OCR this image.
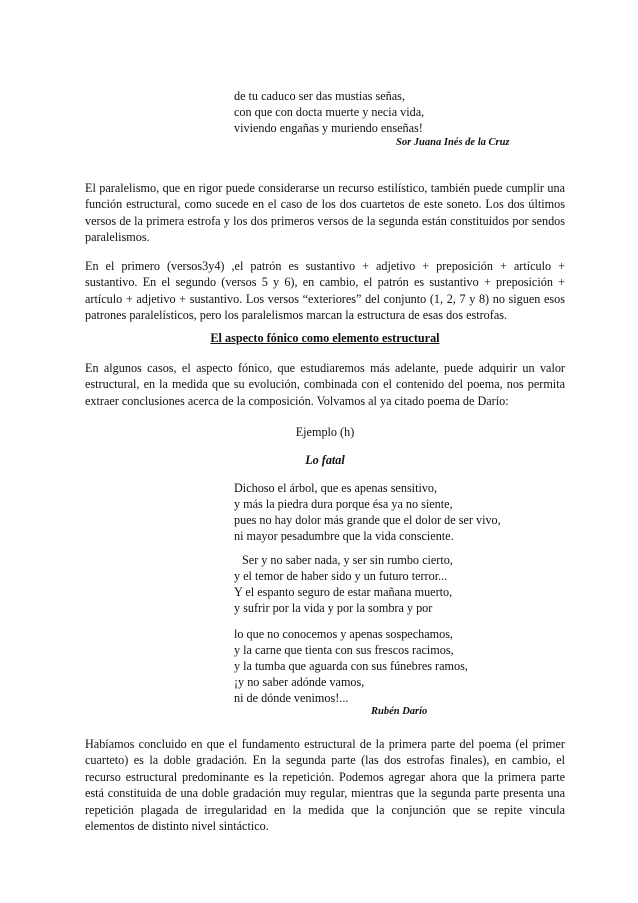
de tu caduco ser das mustias señas,
con que con docta muerte y necia vida,
viviendo engañas y muriendo enseñas!
Sor Juana Inés de la Cruz
El paralelismo, que en rigor puede considerarse un recurso estilístico, también puede cumplir una función estructural, como sucede en el caso de los dos cuartetos de este soneto. Los dos últimos versos de la primera estrofa y los dos primeros versos de la segunda están constituidos por sendos paralelismos.
En el primero (versos3y4) ,el patrón es sustantivo + adjetivo + preposición + artículo + sustantivo. En el segundo (versos 5 y 6), en cambio, el patrón es sustantivo + preposición + artículo + adjetivo + sustantivo. Los versos “exteriores” del conjunto (1, 2, 7 y 8) no siguen esos patrones paralelísticos, pero los paralelismos marcan la estructura de esas dos estrofas.
El aspecto fónico como elemento estructural
En algunos casos, el aspecto fónico, que estudiaremos más adelante, puede adquirir un valor estructural, en la medida que su evolución, combinada con el contenido del poema, nos permita extraer conclusiones acerca de la composición. Volvamos al ya citado poema de Darío:
Ejemplo (h)
Lo fatal
Dichoso el árbol, que es apenas sensitivo,
y más la piedra dura porque ésa ya no siente,
pues no hay dolor más grande que el dolor de ser vivo,
ni mayor pesadumbre que la vida consciente.
Ser y no saber nada, y ser sin rumbo cierto,
y el temor de haber sido y un futuro terror...
Y el espanto seguro de estar mañana muerto,
y sufrir por la vida y por la sombra y por
lo que no conocemos y apenas sospechamos,
y la carne que tienta con sus frescos racimos,
y la tumba que aguarda con sus fúnebres ramos,
¡y no saber adónde vamos,
ni de dónde venimos!...
Rubén Darío
Habíamos concluido en que el fundamento estructural de la primera parte del poema (el primer cuarteto) es la doble gradación. En la segunda parte (las dos estrofas finales), en cambio, el recurso estructural predominante es la repetición. Podemos agregar ahora que la primera parte está constituida de una doble gradación muy regular, mientras que la segunda parte presenta una repetición plagada de irregularidad en la medida que la conjunción que se repite vincula elementos de distinto nivel sintáctico.
